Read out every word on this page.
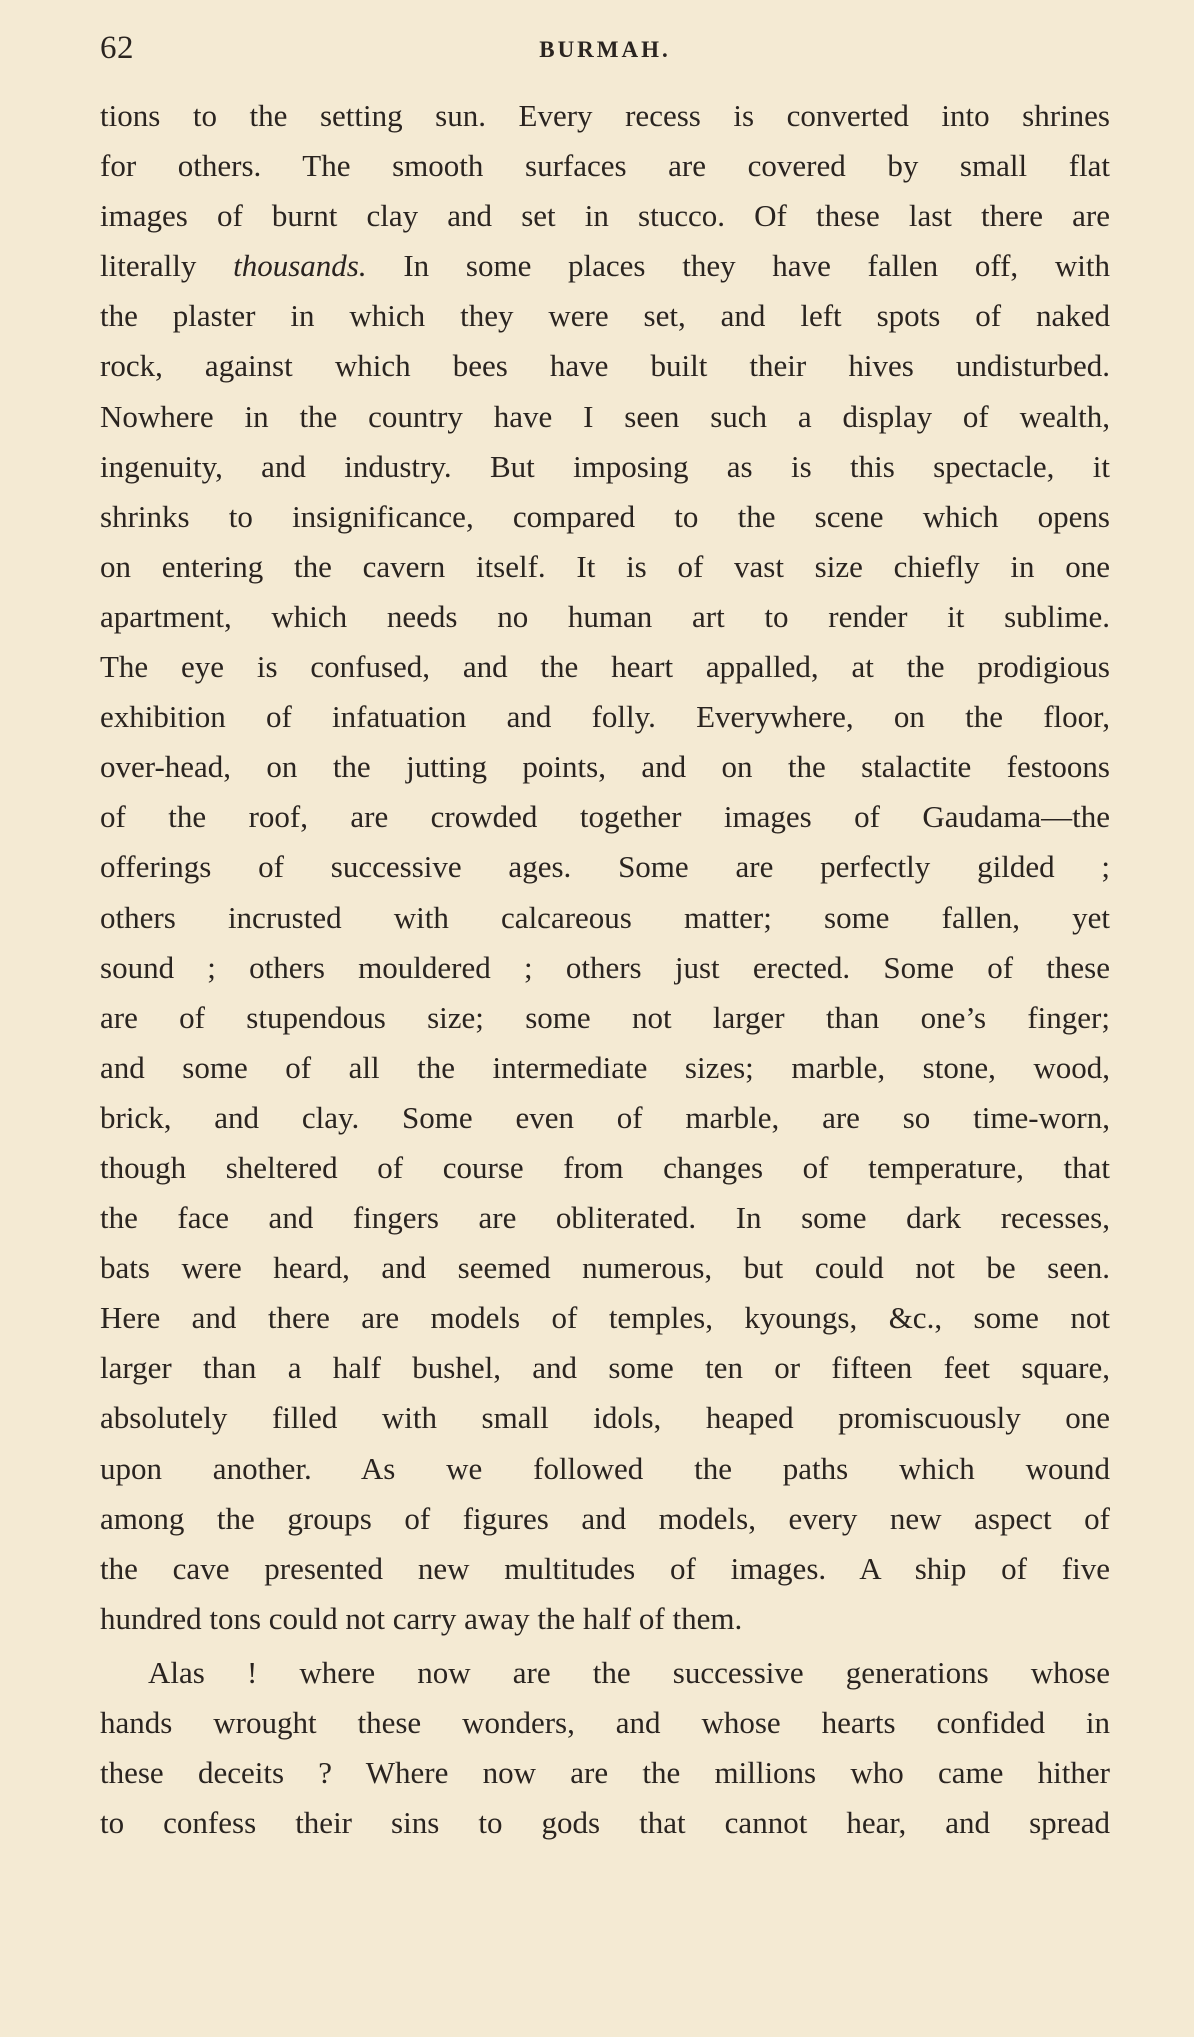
62	BURMAH.
tions to the setting sun. Every recess is converted into shrines
for others. The smooth surfaces are covered by small flat
images of burnt clay and set in stucco. Of these last there are
literally thousands. In some places they have fallen off, with
the plaster in which they were set, and left spots of naked
rock, against which bees have built their hives undisturbed.
Nowhere in the country have I seen such a display of wealth,
ingenuity, and industry. But imposing as is this spectacle, it
shrinks to insignificance, compared to the scene which opens
on entering the cavern itself. It is of vast size chiefly in one
apartment, which needs no human art to render it sublime.
The eye is confused, and the heart appalled, at the prodigious
exhibition of infatuation and folly. Everywhere, on the floor,
over-head, on the jutting points, and on the stalactite festoons
of the roof, are crowded together images of Gaudama—the
offerings of successive ages. Some are perfectly gilded ;
others incrusted with calcareous matter; some fallen, yet
sound ; others mouldered ; others just erected. Some of these
are of stupendous size; some not larger than one’s finger;
and some of all the intermediate sizes; marble, stone, wood,
brick, and clay. Some even of marble, are so time-worn,
though sheltered of course from changes of temperature, that
the face and fingers are obliterated. In some dark recesses,
bats were heard, and seemed numerous, but could not be seen.
Here and there are models of temples, kyoungs, &c., some not
larger than a half bushel, and some ten or fifteen feet square,
absolutely filled with small idols, heaped promiscuously one
upon another. As we followed the paths which wound
among the groups of figures and models, every new aspect of
the cave presented new multitudes of images. A ship of five
hundred tons could not carry away the half of them.
Alas ! where now are the successive generations whose
hands wrought these wonders, and whose hearts confided in
these deceits ? Where now are the millions who came hither
to confess their sins to gods that cannot hear, and spread
